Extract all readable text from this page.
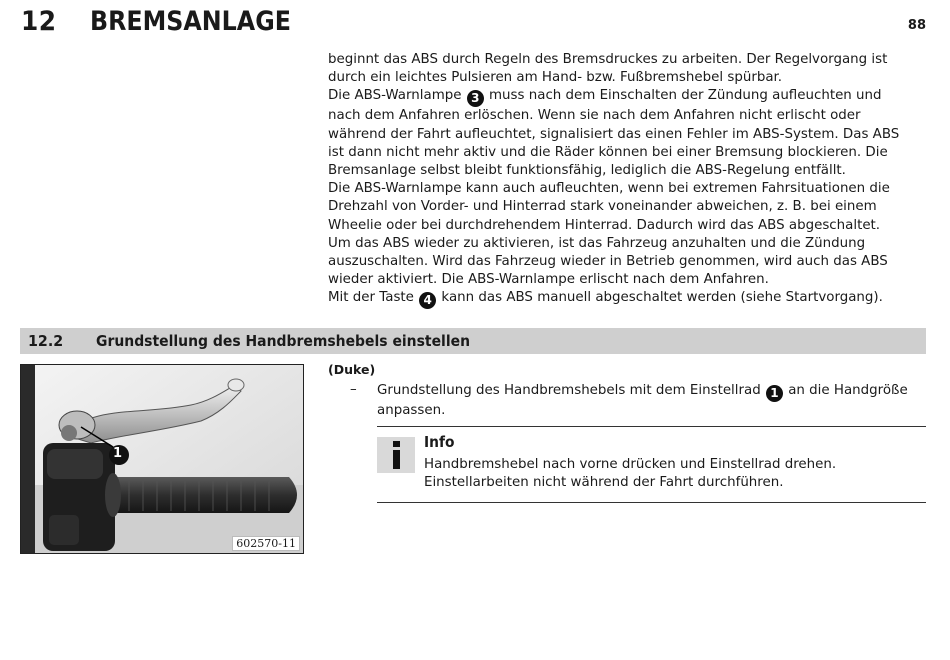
12 BREMSANLAGE	88

beginnt das ABS durch Regeln des Bremsdruckes zu arbeiten. Der Regelvorgang ist durch ein leichtes Pulsieren am Hand- bzw. Fußbremshebel spürbar.

Die ABS-Warnlampe 3 muss nach dem Einschalten der Zündung aufleuchten und nach dem Anfahren erlöschen. Wenn sie nach dem Anfahren nicht erlischt oder während der Fahrt aufleuchtet, signalisiert das einen Fehler im ABS-System. Das ABS ist dann nicht mehr aktiv und die Räder können bei einer Bremsung blockieren. Die Bremsanlage selbst bleibt funktionsfähig, lediglich die ABS-Regelung entfällt.

Die ABS-Warnlampe kann auch aufleuchten, wenn bei extremen Fahrsituationen die Drehzahl von Vorder- und Hinterrad stark voneinander abweichen, z. B. bei einem Wheelie oder bei durchdrehendem Hinterrad. Dadurch wird das ABS abgeschaltet.

Um das ABS wieder zu aktivieren, ist das Fahrzeug anzuhalten und die Zündung auszuschalten. Wird das Fahrzeug wieder in Betrieb genommen, wird auch das ABS wieder aktiviert. Die ABS-Warnlampe erlischt nach dem Anfahren.

Mit der Taste 4 kann das ABS manuell abgeschaltet werden (siehe Startvorgang).

12.2 Grundstellung des Handbremshebels einstellen
1
602570-11
(Duke)
– Grundstellung des Handbremshebels mit dem Einstellrad 1 an die Handgröße anpassen.
Info
Handbremshebel nach vorne drücken und Einstellrad drehen.
Einstellarbeiten nicht während der Fahrt durchführen.
